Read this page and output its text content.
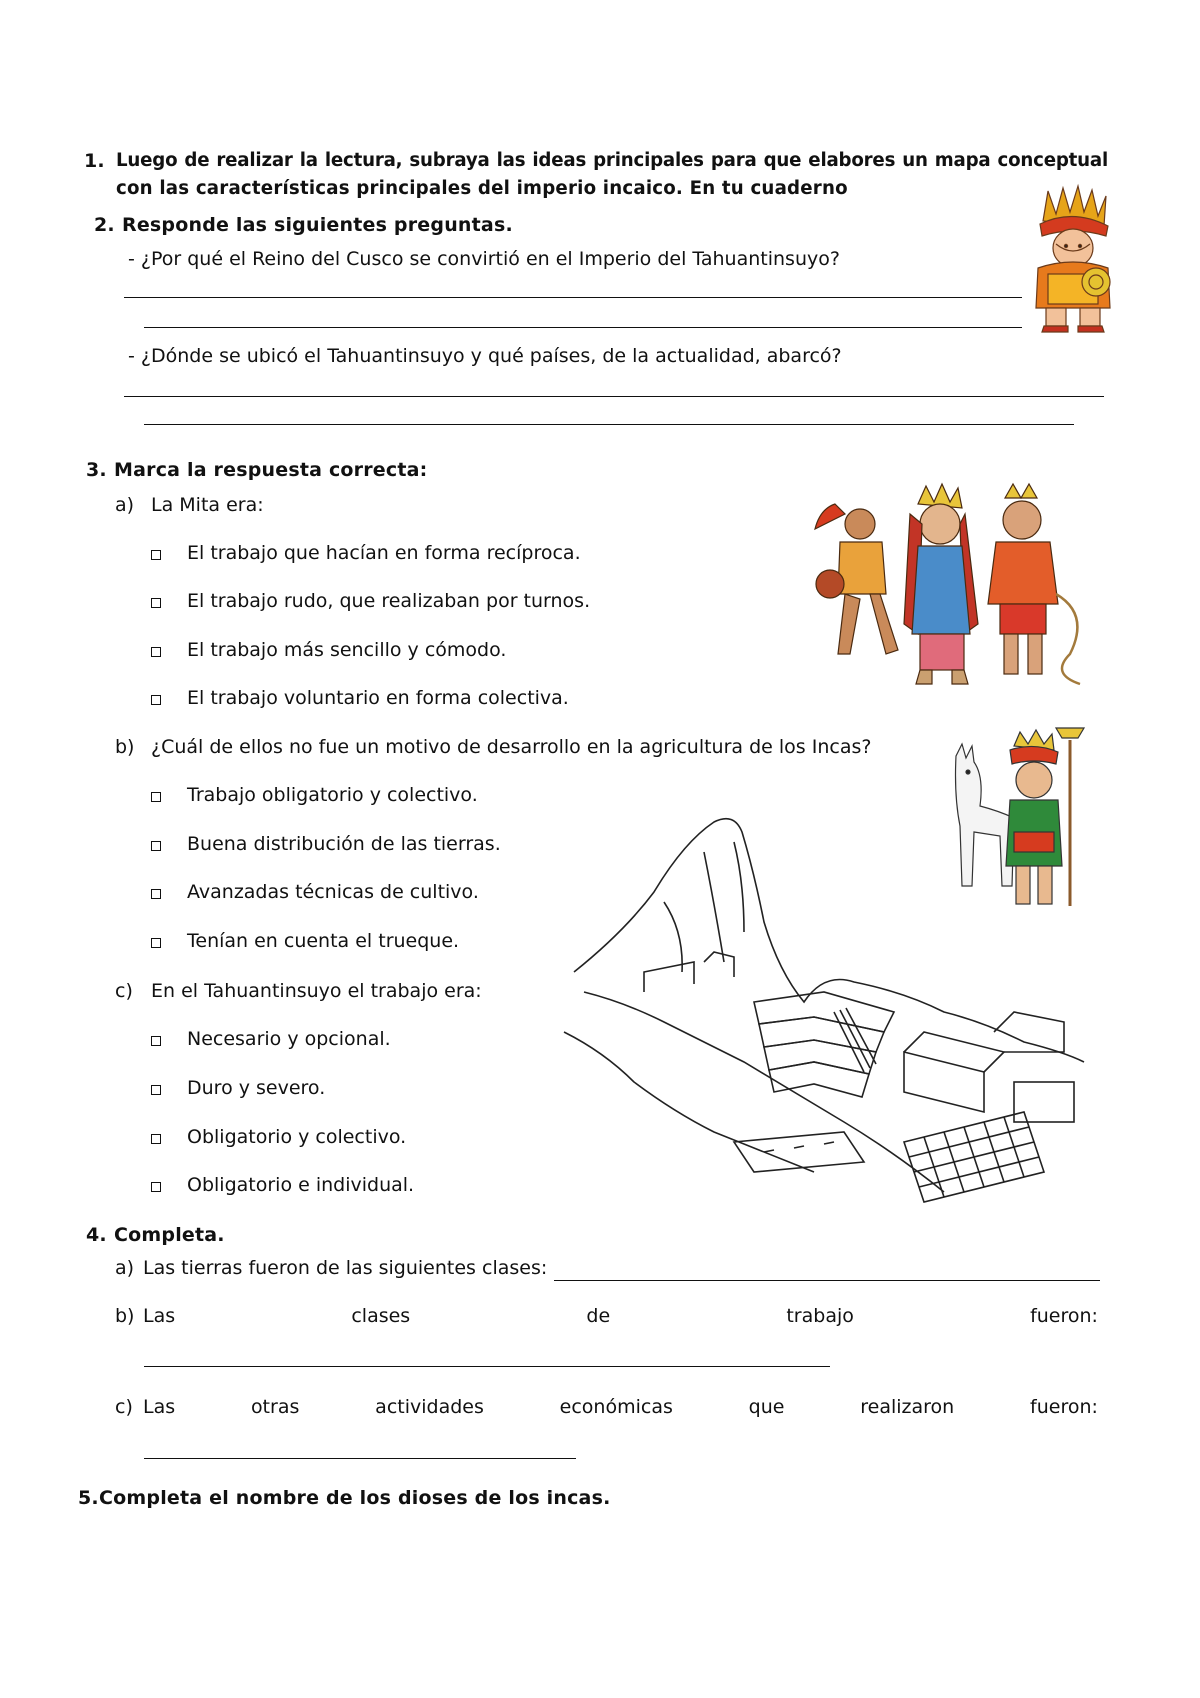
1. Luego de realizar la lectura, subraya las ideas principales para que elabores un mapa conceptual
con las características principales del imperio incaico. En tu cuaderno
2. Responde las siguientes preguntas.
- ¿Por qué el Reino del Cusco se convirtió en el Imperio del Tahuantinsuyo?
- ¿Dónde se ubicó el Tahuantinsuyo y qué países, de la actualidad, abarcó?
3. Marca la respuesta correcta:
a) La Mita era:
El trabajo que hacían en forma recíproca.
El trabajo rudo, que realizaban por turnos.
El trabajo más sencillo y cómodo.
El trabajo voluntario en forma colectiva.
b) ¿Cuál de ellos no fue un motivo de desarrollo en la agricultura de los Incas?
Trabajo obligatorio y colectivo.
Buena distribución de las tierras.
Avanzadas técnicas de cultivo.
Tenían en cuenta el trueque.
c) En el Tahuantinsuyo el trabajo era:
Necesario y opcional.
Duro y severo.
Obligatorio y colectivo.
Obligatorio e individual.
4. Completa.
a) Las tierras fueron de las siguientes clases:
b) Las	clases	de	trabajo	fueron:
c) Las	otras	actividades	económicas	que	realizaron	fueron:
5. Completa el nombre de los dioses de los incas.
